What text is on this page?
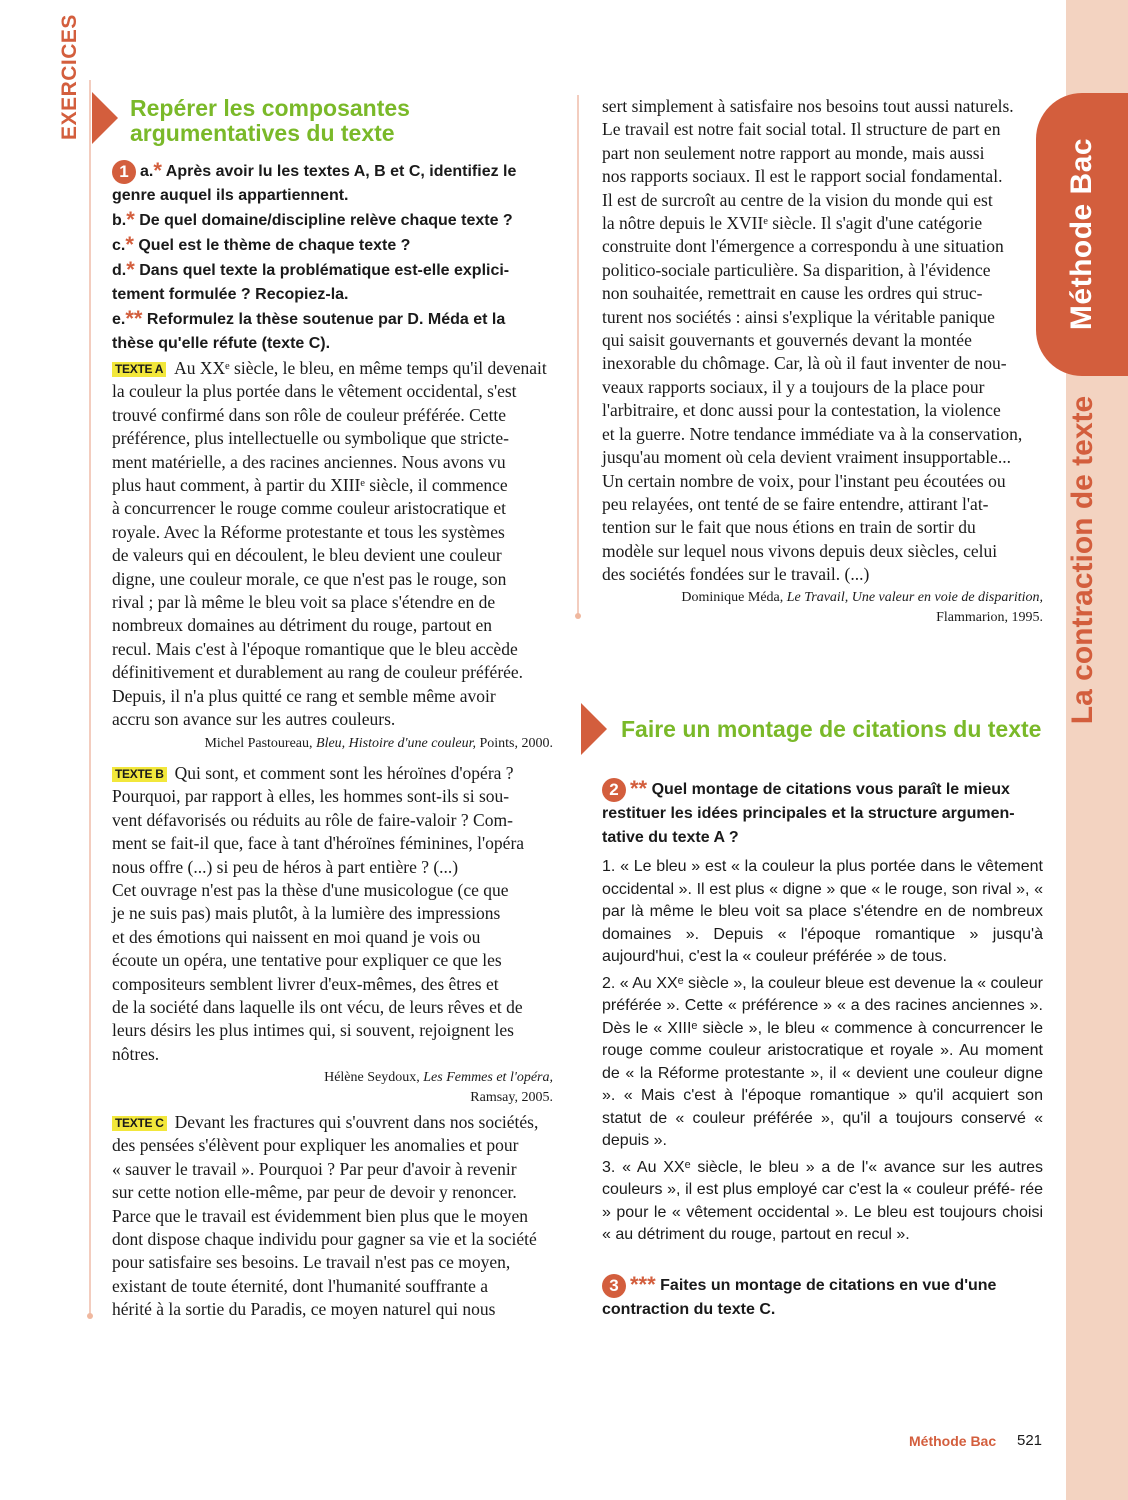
Méthode Bac
La contraction de texte
EXERCICES Repérer les composantes
argumentatives du texte
1 a.* Après avoir lu les textes A, B et C, identifiez le
genre auquel ils appartiennent.
b.* De quel domaine/discipline relève chaque texte ?
c.* Quel est le thème de chaque texte ?
d.* Dans quel texte la problématique est-elle explici-
tement formulée ? Recopiez-la.
e.** Reformulez la thèse soutenue par D. Méda et la
thèse qu'elle réfute (texte C).
TEXTE A Au XXᵉ siècle, le bleu, en même temps qu'il devenait
la couleur la plus portée dans le vêtement occidental, s'est
trouvé confirmé dans son rôle de couleur préférée. Cette
préférence, plus intellectuelle ou symbolique que stricte-
ment matérielle, a des racines anciennes. Nous avons vu
plus haut comment, à partir du XIIIᵉ siècle, il commence
à concurrencer le rouge comme couleur aristocratique et
royale. Avec la Réforme protestante et tous les systèmes
de valeurs qui en découlent, le bleu devient une couleur
digne, une couleur morale, ce que n'est pas le rouge, son
rival ; par là même le bleu voit sa place s'étendre en de
nombreux domaines au détriment du rouge, partout en
recul. Mais c'est à l'époque romantique que le bleu accède
définitivement et durablement au rang de couleur préférée.
Depuis, il n'a plus quitté ce rang et semble même avoir
accru son avance sur les autres couleurs.
Michel Pastoureau, Bleu, Histoire d'une couleur, Points, 2000.
TEXTE B Qui sont, et comment sont les héroïnes d'opéra ?
Pourquoi, par rapport à elles, les hommes sont-ils si sou-
vent défavorisés ou réduits au rôle de faire-valoir ? Com-
ment se fait-il que, face à tant d'héroïnes féminines, l'opéra
nous offre (...) si peu de héros à part entière ? (...)
Cet ouvrage n'est pas la thèse d'une musicologue (ce que
je ne suis pas) mais plutôt, à la lumière des impressions
et des émotions qui naissent en moi quand je vois ou
écoute un opéra, une tentative pour expliquer ce que les
compositeurs semblent livrer d'eux-mêmes, des êtres et
de la société dans laquelle ils ont vécu, de leurs rêves et de
leurs désirs les plus intimes qui, si souvent, rejoignent les
nôtres.
Hélène Seydoux, Les Femmes et l'opéra,
Ramsay, 2005.
TEXTE C Devant les fractures qui s'ouvrent dans nos sociétés,
des pensées s'élèvent pour expliquer les anomalies et pour
« sauver le travail ». Pourquoi ? Par peur d'avoir à revenir
sur cette notion elle-même, par peur de devoir y renoncer.
Parce que le travail est évidemment bien plus que le moyen
dont dispose chaque individu pour gagner sa vie et la société
pour satisfaire ses besoins. Le travail n'est pas ce moyen,
existant de toute éternité, dont l'humanité souffrante a
hérité à la sortie du Paradis, ce moyen naturel qui nous
sert simplement à satisfaire nos besoins tout aussi naturels.
Le travail est notre fait social total. Il structure de part en
part non seulement notre rapport au monde, mais aussi
nos rapports sociaux. Il est le rapport social fondamental.
Il est de surcroît au centre de la vision du monde qui est
la nôtre depuis le XVIIᵉ siècle. Il s'agit d'une catégorie
construite dont l'émergence a correspondu à une situation
politico-sociale particulière. Sa disparition, à l'évidence
non souhaitée, remettrait en cause les ordres qui struc-
turent nos sociétés : ainsi s'explique la véritable panique
qui saisit gouvernants et gouvernés devant la montée
inexorable du chômage. Car, là où il faut inventer de nou-
veaux rapports sociaux, il y a toujours de la place pour
l'arbitraire, et donc aussi pour la contestation, la violence
et la guerre. Notre tendance immédiate va à la conservation,
jusqu'au moment où cela devient vraiment insupportable...
Un certain nombre de voix, pour l'instant peu écoutées ou
peu relayées, ont tenté de se faire entendre, attirant l'at-
tention sur le fait que nous étions en train de sortir du
modèle sur lequel nous vivons depuis deux siècles, celui
des sociétés fondées sur le travail. (...)
Dominique Méda, Le Travail, Une valeur en voie de disparition,
Flammarion, 1995.
Faire un montage de citations du texte
2 ** Quel montage de citations vous paraît le mieux
restituer les idées principales et la structure argumen-
tative du texte A ?

1. « Le bleu » est « la couleur la plus portée dans le vêtement occidental ». Il est plus « digne » que « le rouge, son rival », « par là même le bleu voit sa place s'étendre en de nombreux domaines ». Depuis « l'époque romantique » jusqu'à aujourd'hui, c'est la « couleur préférée » de tous.

2. « Au XXᵉ siècle », la couleur bleue est devenue la « couleur préférée ». Cette « préférence » « a des racines anciennes ». Dès le « XIIIᵉ siècle », le bleu « commence à concurrencer le rouge comme couleur aristocratique et royale ». Au moment de « la Réforme protestante », il « devient une couleur digne ». « Mais c'est à l'époque romantique » qu'il acquiert son statut de « couleur préférée », qu'il a toujours conservé « depuis ».

3. « Au XXᵉ siècle, le bleu » a de l'« avance sur les autres couleurs », il est plus employé car c'est la « couleur préfé- rée » pour le « vêtement occidental ». Le bleu est toujours choisi « au détriment du rouge, partout en recul ».

3 *** Faites un montage de citations en vue d'une
contraction du texte C.
Méthode Bac 521
